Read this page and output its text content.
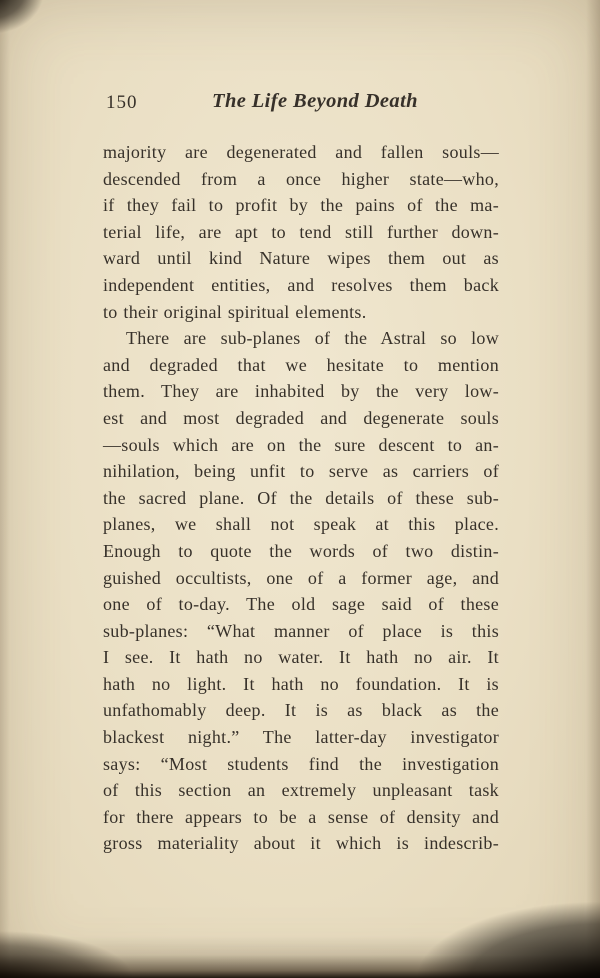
150	The Life Beyond Death
majority are degenerated and fallen souls—
descended from a once higher state—who,
if they fail to profit by the pains of the ma-
terial life, are apt to tend still further down-
ward until kind Nature wipes them out as
independent entities, and resolves them back
to their original spiritual elements.
There are sub-planes of the Astral so low
and degraded that we hesitate to mention
them. They are inhabited by the very low-
est and most degraded and degenerate souls
—souls which are on the sure descent to an-
nihilation, being unfit to serve as carriers of
the sacred plane. Of the details of these sub-
planes, we shall not speak at this place.
Enough to quote the words of two distin-
guished occultists, one of a former age, and
one of to-day. The old sage said of these
sub-planes: “What manner of place is this
I see. It hath no water. It hath no air. It
hath no light. It hath no foundation. It is
unfathomably deep. It is as black as the
blackest night.” The latter-day investigator
says: “Most students find the investigation
of this section an extremely unpleasant task
for there appears to be a sense of density and
gross materiality about it which is indescrib-
